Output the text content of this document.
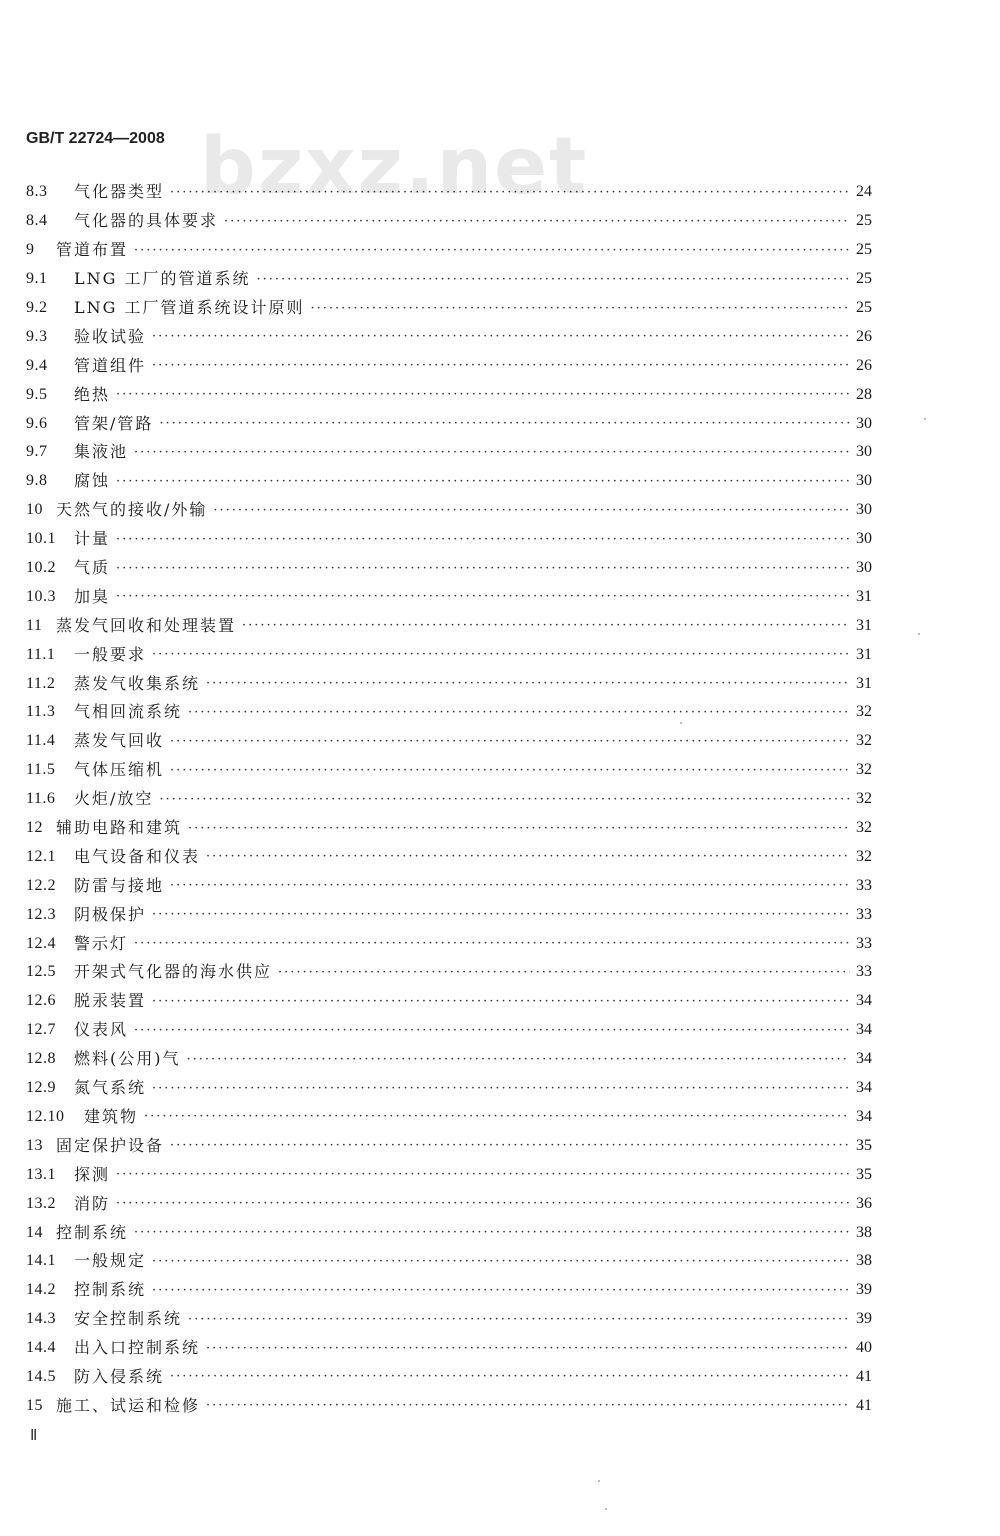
bzxz.net
GB/T 22724—2008
8.3	气化器类型 ·····	24
8.4	气化器的具体要求 ·····	25
9	管道布置 ·····	25
9.1	LNG 工厂的管道系统 ·····	25
9.2	LNG 工厂管道系统设计原则 ·····	25
9.3	验收试验 ·····	26
9.4	管道组件 ·····	26
9.5	绝热 ·····	28
9.6	管架/管路 ·····	30
9.7	集液池 ·····	30
9.8	腐蚀 ·····	30
10 天然气的接收/外输 ·····	30
10.1	计量 ·····	30
10.2	气质 ·····	30
10.3	加臭 ·····	31
11 蒸发气回收和处理装置 ·····	31
11.1	一般要求 ·····	31
11.2	蒸发气收集系统 ·····	31
11.3	气相回流系统 ·····	32
11.4	蒸发气回收 ·····	32
11.5	气体压缩机 ·····	32
11.6	火炬/放空 ·····	32
12 辅助电路和建筑 ·····	32
12.1	电气设备和仪表 ·····	32
12.2	防雷与接地 ·····	33
12.3	阴极保护 ·····	33
12.4	警示灯 ·····	33
12.5	开架式气化器的海水供应 ·····	33
12.6	脱汞装置 ·····	34
12.7	仪表风 ·····	34
12.8	燃料(公用)气 ·····	34
12.9	氮气系统 ·····	34
12.10	建筑物 ·····	34
13 固定保护设备 ·····	35
13.1	探测 ·····	35
13.2	消防 ·····	36
14 控制系统 ·····	38
14.1	一般规定 ·····	38
14.2	控制系统 ·····	39
14.3	安全控制系统 ·····	39
14.4	出入口控制系统 ·····	40
14.5	防入侵系统 ·····	41
15 施工、试运和检修 ·····	41
Ⅱ
